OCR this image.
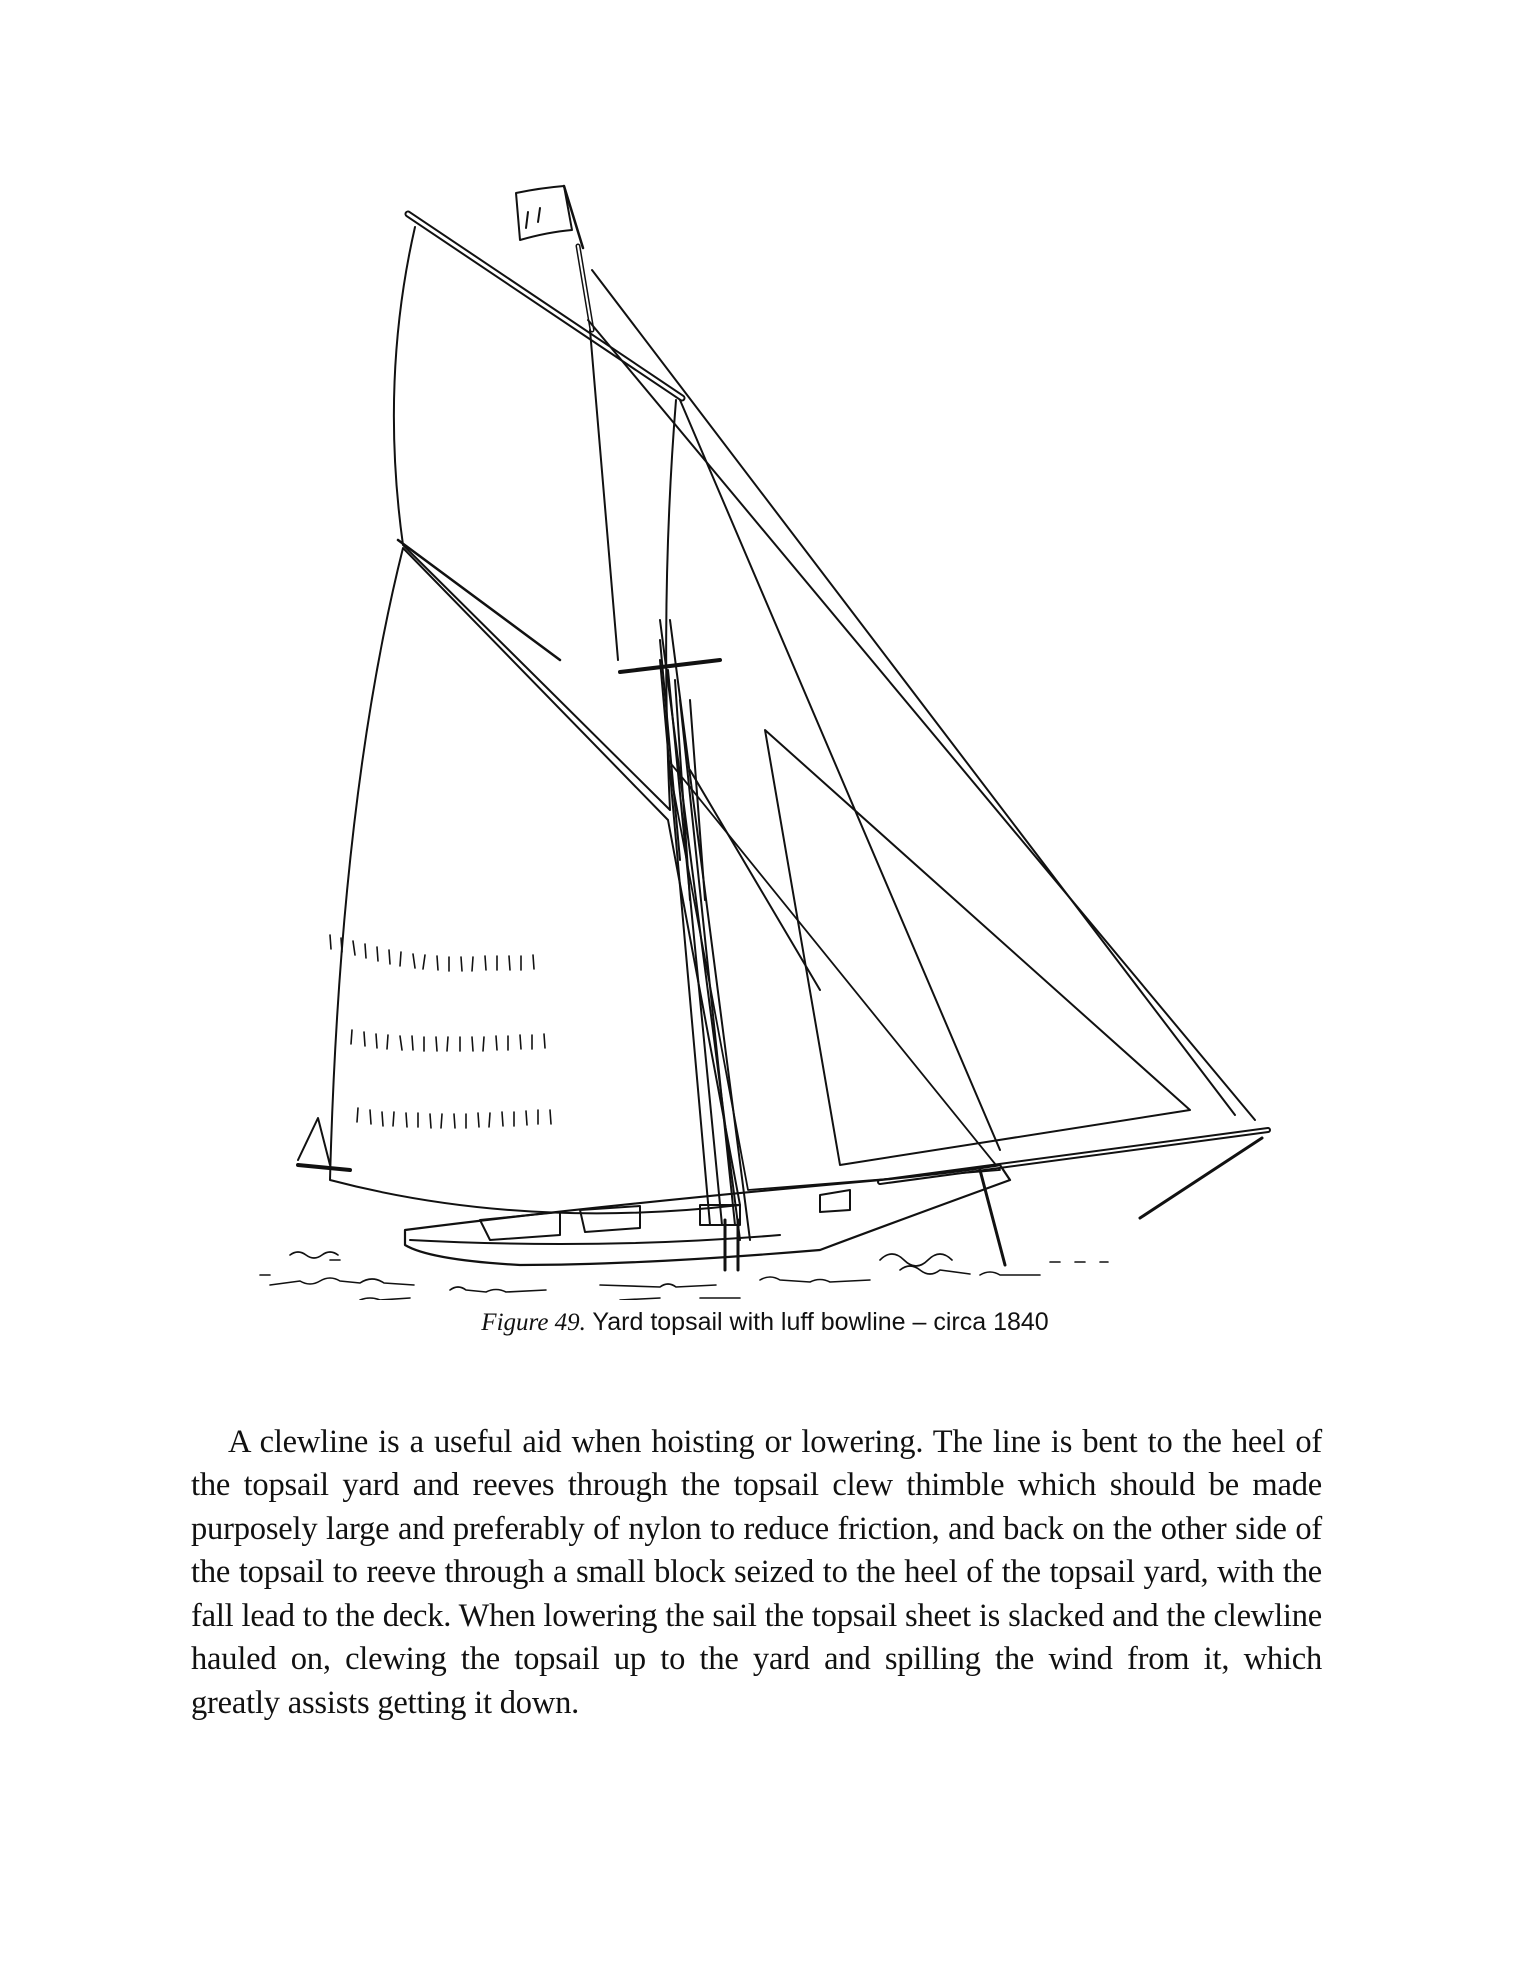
Figure 49. Yard topsail with luff bowline – circa 1840

A clewline is a useful aid when hoisting or lowering. The line is bent to the heel of the topsail yard and reeves through the topsail clew thimble which should be made purposely large and preferably of nylon to reduce friction, and back on the other side of the topsail to reeve through a small block seized to the heel of the topsail yard, with the fall lead to the deck. When lowering the sail the topsail sheet is slacked and the clewline hauled on, clewing the topsail up to the yard and spilling the wind from it, which greatly assists getting it down.
